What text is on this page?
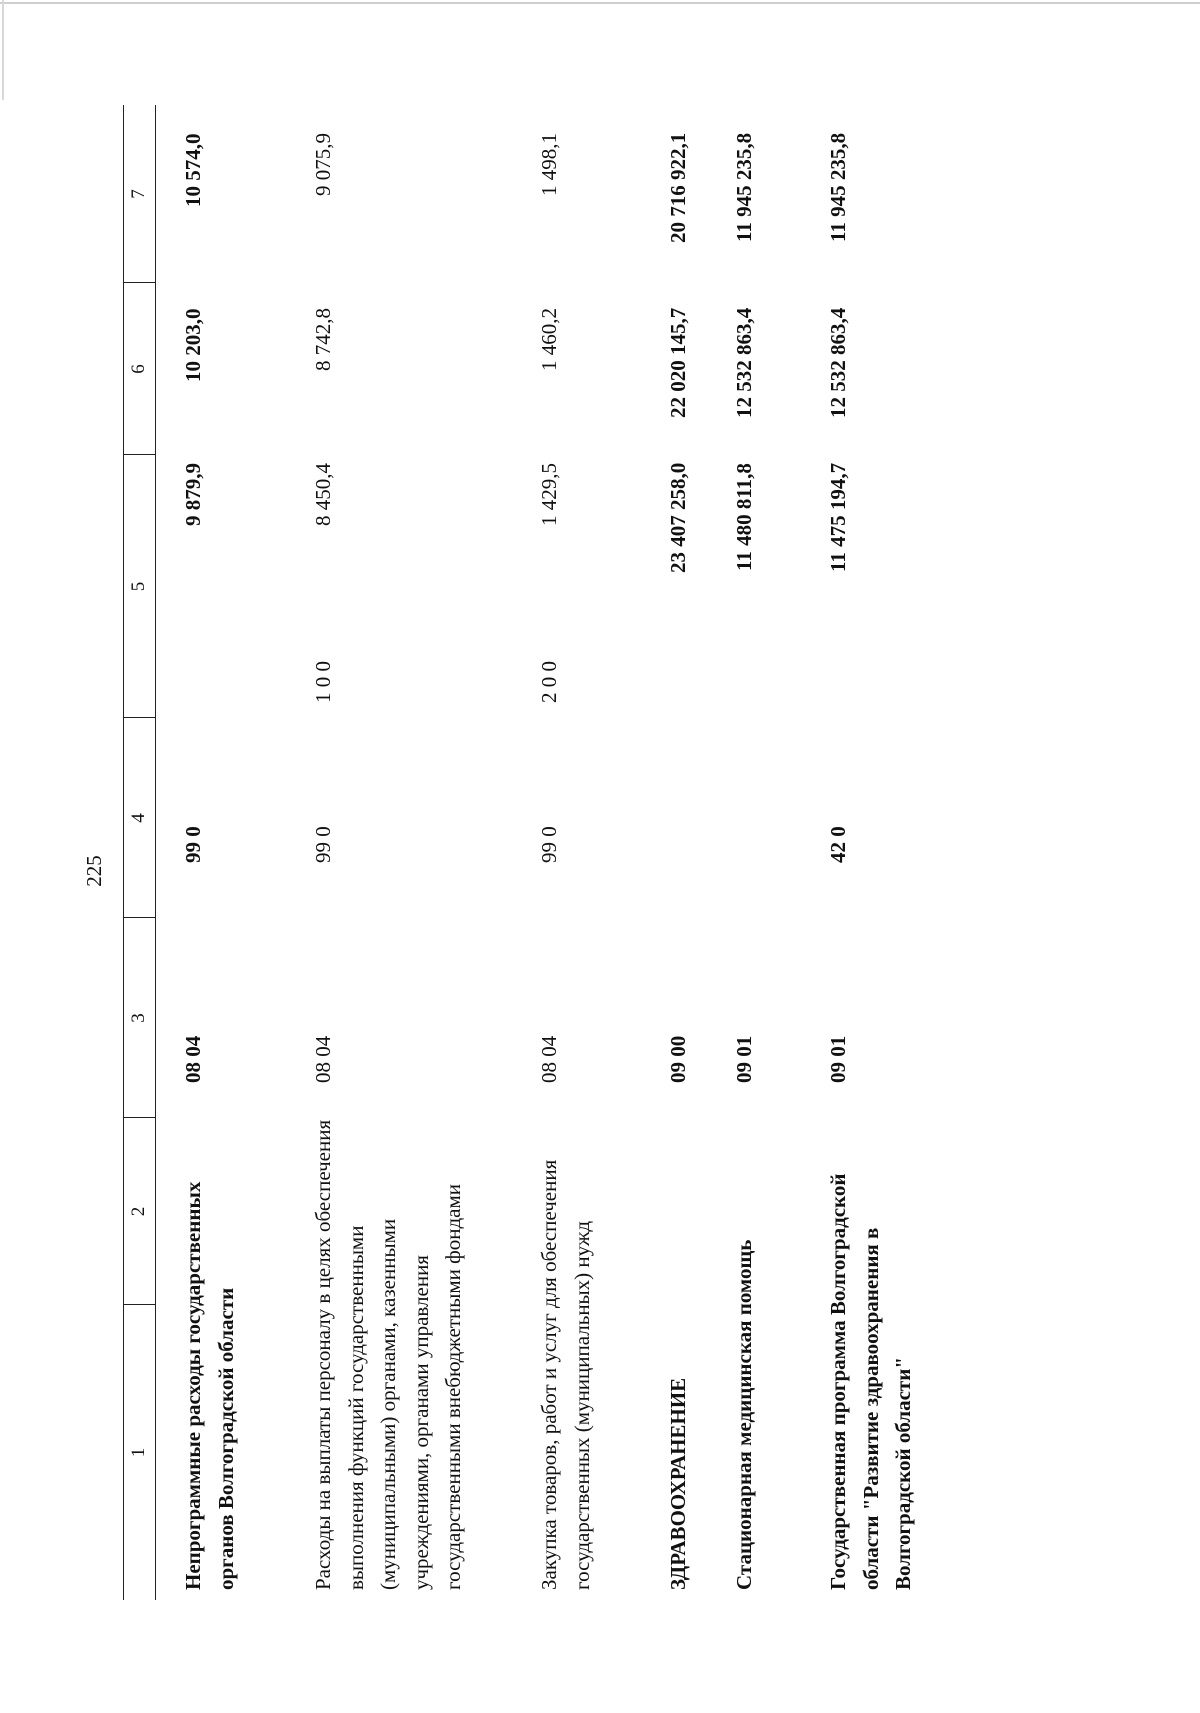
225
1
2
3
4
5
6
7
Непрограммные расходы государственных органов Волгоградской области
08 04
99 0
9 879,9
10 574,0
10 203,0
Расходы на выплаты персоналу в целях обеспечения выполнения функций государственными (муниципальными) органами, казенными учреждениями, органами управления государственными внебюджетными фондами
08 04
99 0
1 0 0
8 450,4
8 742,8
9 075,9
Закупка товаров, работ и услуг для обеспечения государственных (муниципальных) нужд
08 04
99 0
2 0 0
1 429,5
1 460,2
1 498,1
ЗДРАВООХРАНЕНИЕ
09 00
23 407 258,0
22 020 145,7
20 716 922,1
Стационарная медицинская помощь
09 01
11 480 811,8
12 532 863,4
11 945 235,8
Государственная программа Волгоградской области "Развитие здравоохранения в Волгоградской области"
09 01
42 0
11 475 194,7
12 532 863,4
11 945 235,8
